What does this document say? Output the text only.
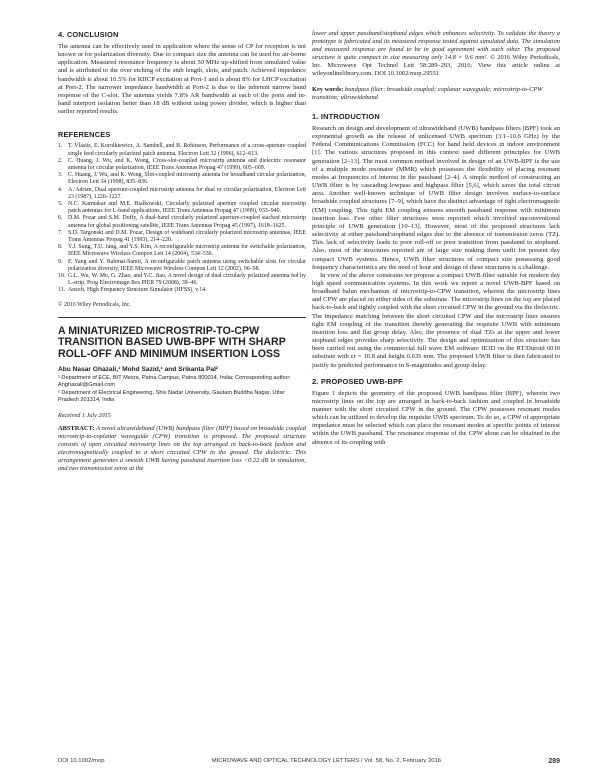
4. CONCLUSION

The antenna can be effectively used in application where the sense of CP for reception is not known or for polarization diversity. Due to compact size the antenna can be used for air-borne application. Measured resonance frequency is about 50 MHz up-shifted from simulated value and is attributed to the over etching of the stub length, slots, and patch. Achieved impedance bandwidth is about 10.5% for RHCP excitation at Port-1 and is about 8% for LHCP excitation at Port-2. The narrower impedance bandwidth at Port-2 is due to the inherent narrow band response of the C-slot. The antenna yields 7.8% AR bandwidth at each of the ports and in-band interport isolation better than 18 dB without using power divider, which is higher than earlier reported results.

REFERENCES
1. T. Vlasits, E. Korolkiewicz, A. Sambell, and B. Robinson, Performance of a cross-aperture coupled single feed circularly polarized patch antenna, Electron Lett 32 (1996), 612–613.
2. C. Huang, J. Wu, and K. Wong, Cross-slot-coupled microstrip antenna and dielectric resonator antenna for circular polarization, IEEE Trans Antennas Propag 47 (1999), 605–609.
3. C. Huang, J. Wu, and K. Wong, Slot-coupled microstrip antenna for broadband circular polarization, Electron Lett 34 (1998), 835–836.
4. A. Adrian, Dual aperture-coupled microstrip antenna for dual or circular polarization, Electron Lett 23 (1987), 1226–1227.
5. N.C. Karmakar and M.E. Bialkowski, Circularly polarized aperture coupled circular microstrip patch antennas for L-band applications, IEEE Trans Antennas Propag 47 (1999), 933–940.
6. D.M. Pozar and S.M. Duffy, A dual-band circularly polarized aperture-coupled stacked microstrip antenna for global positioning satellite, IEEE Trans Antennas Propag 45 (1997), 1618–1625.
7. S.D. Targonski and D.M. Pozar, Design of wideband circularly polarized microstrip antennas, IEEE Trans Antennas Propag 41 (1993), 214–220.
8. Y.J. Sung, T.U. Jang, and Y.S. Kim, A reconfigurable microstrip antenna for switchable polarization, IEEE Microwave Wireless Compon Lett 14 (2004), 534–536.
9. F. Yang and Y. Rahmat-Samii, A reconfigurable patch antenna using switchable slots for circular polarization diversity, IEEE Microwave Wireless Compon Lett 12 (2002), 96–98.
10. G.L. Wu, W. Mu, G. Zhao, and Y.C. Jiao, A novel design of dual circularly polarized antenna fed by L-strip, Prog Electromagn Res PIER 79 (2008), 39–46.
11. Ansoft, High Frequency Structure Simulator (HFSS), v.14.

© 2016 Wiley Periodicals, Inc.

A MINIATURIZED MICROSTRIP-TO-CPW TRANSITION BASED UWB-BPF WITH SHARP ROLL-OFF AND MINIMUM INSERTION LOSS

Abu Nasar Ghazali,¹ Mohd Sazid,¹ and Srikanta Pal²

¹ Department of ECE, BIT Mesra, Patna Campus, Patna 800014, India; Corresponding author: Anghazali@Gmail.com

² Department of Electrical Engineering, Shiv Nadar University, Gautam Buddha Nagar, Uttar Pradesh 201314, India

Received 1 July 2015

ABSTRACT: A novel ultrawideband (UWB) bandpass filter (BPF) based on broadside coupled microstrip-to-coplanar waveguide (CPW) transition is proposed. The proposed structure consists of open circuited microstrip lines on the top arranged in back-to-back fashion and electromagnetically coupled to a short circuited CPW in the ground. The dielectric. This arrangement generates a smooth UWB having passband insertion loss <0.22 dB in simulation, and two transmission zeros at the

lower and upper passband/stopband edges which enhances selectivity. To validate the theory a prototype is fabricated and its measured response tested against simulated data. The simulation and measured response are found to be in good agreement with each other. The proposed structure is quite compact in size measuring only 14.8 × 9.6 mm². © 2016 Wiley Periodicals, Inc. Microwave Opt Technol Lett 58:289–293, 2016; View this article online at wileyonlinelibrary.com. DOI 10.1002/mop.29551

Key words: bandpass filter; broadside coupled; coplanar waveguide; microstrip-to-CPW transition; ultrawideband

1. INTRODUCTION

Research on design and development of ultrawideband (UWB) bandpass filters (BPF) took an exponential growth as the release of unlicensed UWB spectrum (3.1–10.6 GHz) by the Federal Communications Commission (FCC) for hand held devices in indoor environment [1]. The various structures proposed in this context used different principles for UWB generation [2–13]. The most common method involved in design of an UWB-BPF is the use of a multiple mode resonator (MMR) which possesses the flexibility of placing resonant modes at frequencies of interest in the passband [2–4]. A simple method of constructing an UWB filter is by cascading lowpass and highpass filter [5,6], which saves the total circuit area. Another well-known technique of UWB filter design involves surface-to-surface broadside coupled structures [7–9], which have the distinct advantage of tight electromagnetic (EM) coupling. This tight EM coupling ensures smooth passband response with minimum insertion loss. Few other filter structures were reported which involved unconventional principle of UWB generation [10–13]. However, most of the proposed structures lack selectivity at either passband/stopband edges due to the absence of transmission zeros (TZ). This lack of selectivity leads to poor roll-off or poor transition from passband to stopband. Also, most of the structures reported are of large size making them unfit for present day compact UWB systems. Hence, UWB filter structures of compact size possessing good frequency characteristics are the need of hour and design of these structures is a challenge.

In view of the above constrains we propose a compact UWB filter suitable for modern day high speed communication systems. In this work we report a novel UWB-BPF based on broadband balun mechanism of microstrip-to-CPW transition, wherein the microstrip lines and CPW are placed on either sides of the substrate. The microstrip lines on the top are placed back-to-back and tightly coupled with the short circuited CPW in the ground via the dielectric. The impedance matching between the short circuited CPW and the microstrip lines ensures tight EM coupling of the transition thereby generating the requisite UWB with minimum insertion loss and flat group delay. Also, the presence of dual TZs at the upper and lower stopband edges provides sharp selectivity. The design and optimization of this structure has been carried out using the commercial full wave EM software IE3D on the RT/Duroid 6010 substrate with εr = 10.8 and height 0.635 mm. The proposed UWB filter is then fabricated to justify its predicted performance in S-magnitudes and group delay.

2. PROPOSED UWB-BPF

Figure 1 depicts the geometry of the proposed UWB bandpass filter (BPF), wherein two microstrip lines on the top are arranged in back-to-back fashion and coupled in broadside manner with the short circuited CPW in the ground. The CPW possesses resonant modes which can be utilized to develop the requisite UWB spectrum. To do so, a CPW of appropriate impedance must be selected which can place the resonant modes at specific points of interest within the UWB passband. The resonance response of the CPW alone can be obtained in the absence of its coupling with

DOI 10.1002/mop	MICROWAVE AND OPTICAL TECHNOLOGY LETTERS / Vol. 58, No. 2, February 2016	289
